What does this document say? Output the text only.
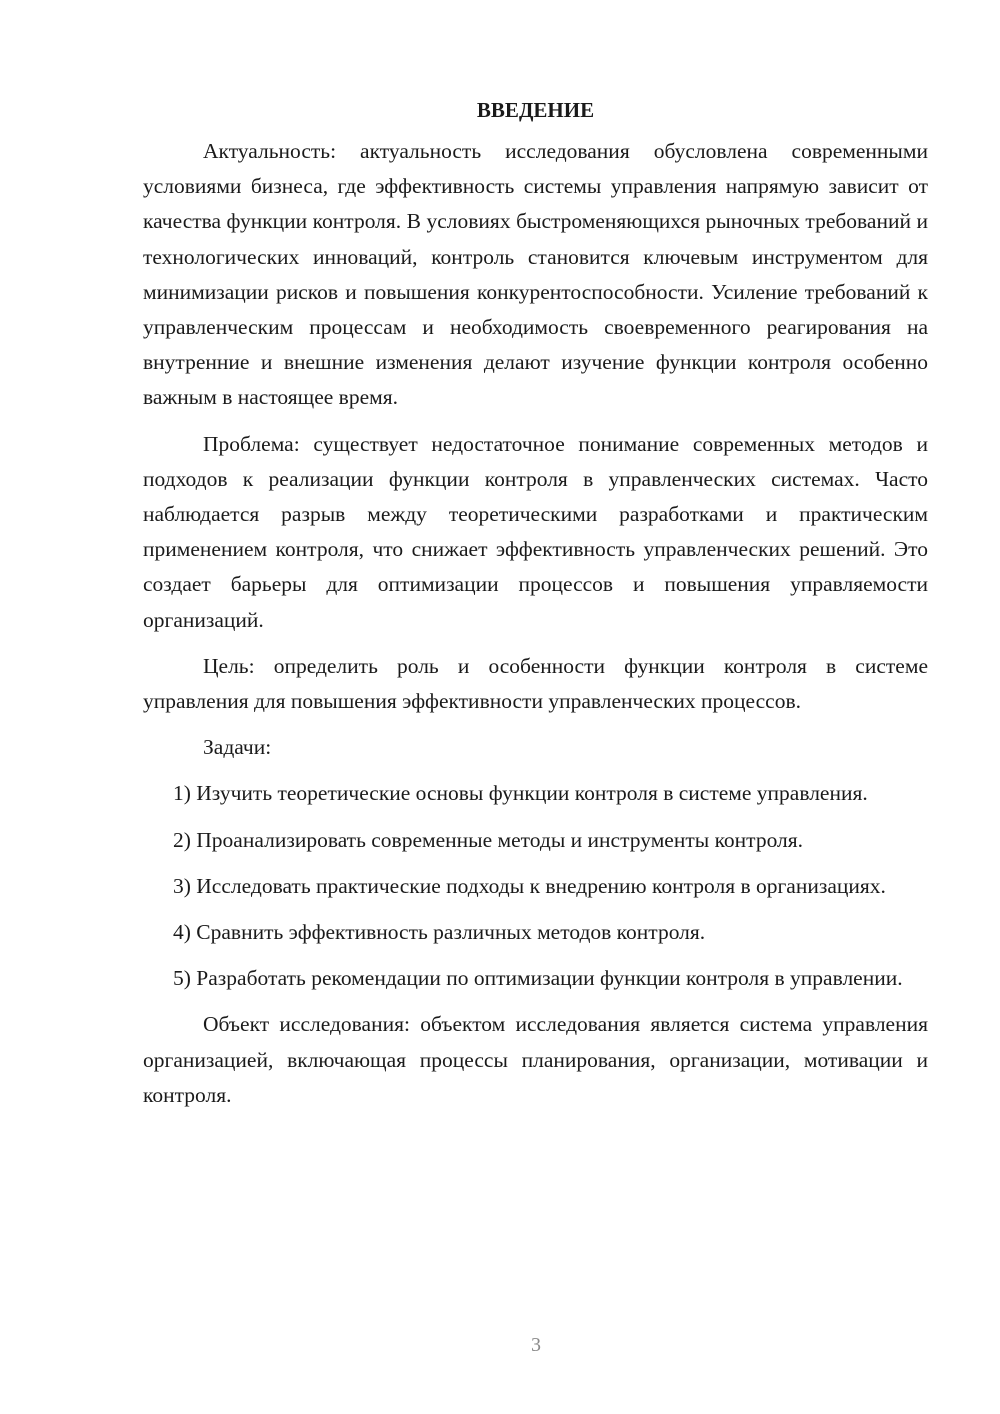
ВВЕДЕНИЕ

Актуальность: актуальность исследования обусловлена современными условиями бизнеса, где эффективность системы управления напрямую зависит от качества функции контроля. В условиях быстроменяющихся рыночных требований и технологических инноваций, контроль становится ключевым инструментом для минимизации рисков и повышения конкурентоспособности. Усиление требований к управленческим процессам и необходимость своевременного реагирования на внутренние и внешние изменения делают изучение функции контроля особенно важным в настоящее время.

Проблема: существует недостаточное понимание современных методов и подходов к реализации функции контроля в управленческих системах. Часто наблюдается разрыв между теоретическими разработками и практическим применением контроля, что снижает эффективность управленческих решений. Это создает барьеры для оптимизации процессов и повышения управляемости организаций.

Цель: определить роль и особенности функции контроля в системе управления для повышения эффективности управленческих процессов.

Задачи:

1) Изучить теоретические основы функции контроля в системе управления.

2) Проанализировать современные методы и инструменты контроля.

3) Исследовать практические подходы к внедрению контроля в организациях.

4) Сравнить эффективность различных методов контроля.

5) Разработать рекомендации по оптимизации функции контроля в управлении.

Объект исследования: объектом исследования является система управления организацией, включающая процессы планирования, организации, мотивации и контроля.

3
